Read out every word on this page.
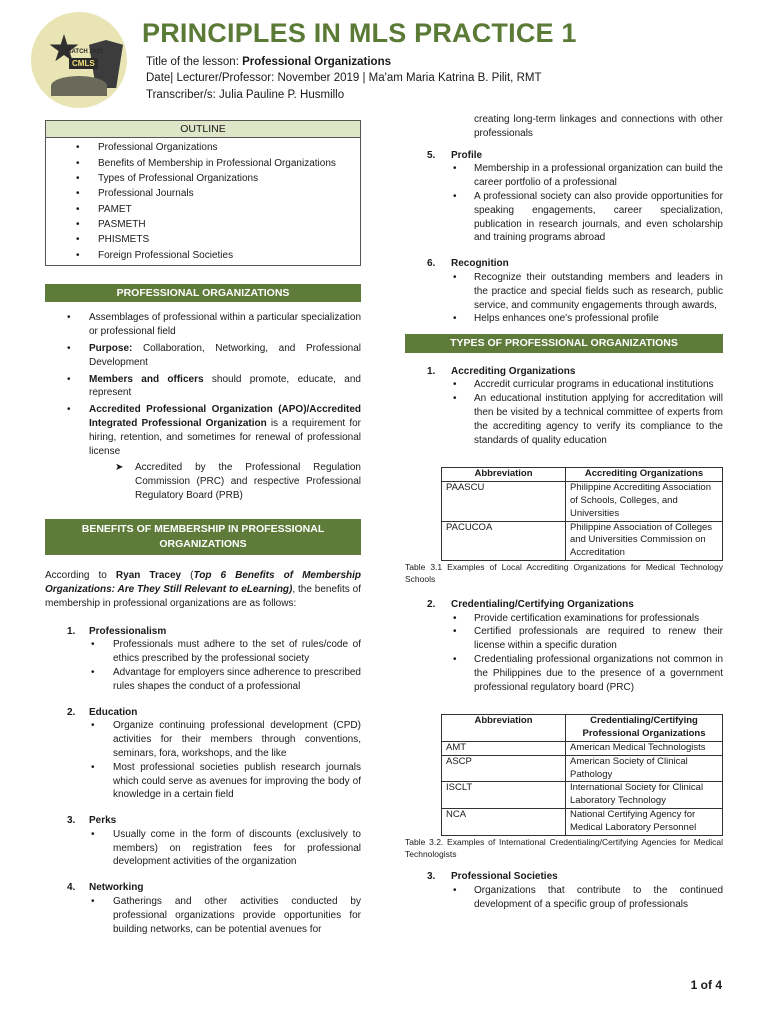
BATCH 2023
CMLS
PRINCIPLES IN MLS PRACTICE 1
Title of the lesson: Professional Organizations
Date| Lecturer/Professor: November 2019 | Ma'am Maria Katrina B. Pilit, RMT
Transcriber/s: Julia Pauline P. Husmillo
OUTLINE
• Professional Organizations
• Benefits of Membership in Professional Organizations
• Types of Professional Organizations
• Professional Journals
• PAMET
• PASMETH
• PHISMETS
• Foreign Professional Societies
PROFESSIONAL ORGANIZATIONS
• Assemblages of professional within a particular specialization or professional field
• Purpose: Collaboration, Networking, and Professional Development
• Members and officers should promote, educate, and represent
• Accredited Professional Organization (APO)/Accredited Integrated Professional Organization is a requirement for hiring, retention, and sometimes for renewal of professional license
➤ Accredited by the Professional Regulation Commission (PRC) and respective Professional Regulatory Board (PRB)
BENEFITS OF MEMBERSHIP IN PROFESSIONAL
ORGANIZATIONS

According to Ryan Tracey (Top 6 Benefits of Membership Organizations: Are They Still Relevant to eLearning), the benefits of membership in professional organizations are as follows:

1. Professionalism
• Professionals must adhere to the set of rules/code of ethics prescribed by the professional society
• Advantage for employers since adherence to prescribed rules shapes the conduct of a professional
2. Education
• Organize continuing professional development (CPD) activities for their members through conventions, seminars, fora, workshops, and the like
• Most professional societies publish research journals which could serve as avenues for improving the body of knowledge in a certain field
3. Perks
• Usually come in the form of discounts (exclusively to members) on registration fees for professional development activities of the organization
4. Networking
• Gatherings and other activities conducted by professional organizations provide opportunities for building networks, can be potential avenues for

creating long-term linkages and connections with other professionals

5. Profile
• Membership in a professional organization can build the career portfolio of a professional
• A professional society can also provide opportunities for speaking engagements, career specialization, publication in research journals, and even scholarship and training programs abroad
6. Recognition
• Recognize their outstanding members and leaders in the practice and special fields such as research, public service, and community engagements through awards,
• Helps enhances one's professional profile
TYPES OF PROFESSIONAL ORGANIZATIONS
1. Accrediting Organizations
• Accredit curricular programs in educational institutions
• An educational institution applying for accreditation will then be visited by a technical committee of experts from the accrediting agency to verify its compliance to the standards of quality education
Abbreviation	Accrediting Organizations
PAASCU	Philippine Accrediting Association of Schools, Colleges, and Universities
PACUCOA	Philippine Association of Colleges and Universities Commission on Accreditation
Table 3.1 Examples of Local Accrediting Organizations for Medical Technology Schools
2. Credentialing/Certifying Organizations
• Provide certification examinations for professionals
• Certified professionals are required to renew their license within a specific duration
• Credentialing professional organizations not common in the Philippines due to the presence of a government professional regulatory board (PRC)
Abbreviation	Credentialing/Certifying Professional Organizations
AMT	American Medical Technologists
ASCP	American Society of Clinical Pathology
ISCLT	International Society for Clinical Laboratory Technology
NCA	National Certifying Agency for Medical Laboratory Personnel
Table 3.2. Examples of International Credentialing/Certifying Agencies for Medical Technologists
3. Professional Societies
• Organizations that contribute to the continued development of a specific group of professionals
1 of 4
